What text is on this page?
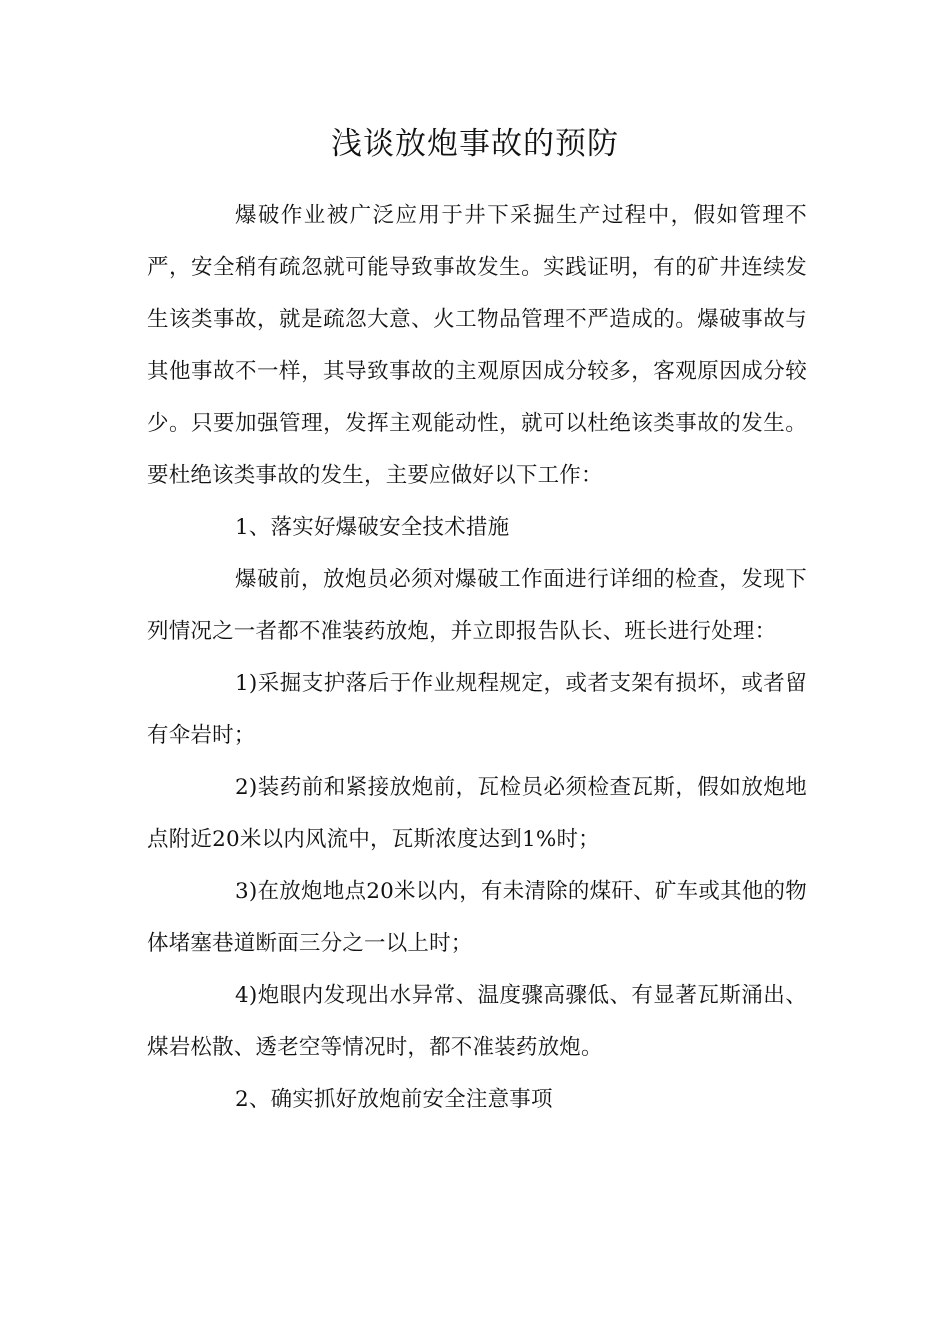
浅谈放炮事故的预防

爆破作业被广泛应用于井下采掘生产过程中，假如管理不严，安全稍有疏忽就可能导致事故发生。实践证明，有的矿井连续发生该类事故，就是疏忽大意、火工物品管理不严造成的。爆破事故与其他事故不一样，其导致事故的主观原因成分较多，客观原因成分较少。只要加强管理，发挥主观能动性，就可以杜绝该类事故的发生。要杜绝该类事故的发生，主要应做好以下工作：

1、落实好爆破安全技术措施

爆破前，放炮员必须对爆破工作面进行详细的检查，发现下列情况之一者都不准装药放炮，并立即报告队长、班长进行处理：

1)采掘支护落后于作业规程规定，或者支架有损坏，或者留有伞岩时；

2)装药前和紧接放炮前，瓦检员必须检查瓦斯，假如放炮地点附近20米以内风流中，瓦斯浓度达到1%时；

3)在放炮地点20米以内，有未清除的煤矸、矿车或其他的物体堵塞巷道断面三分之一以上时；

4)炮眼内发现出水异常、温度骤高骤低、有显著瓦斯涌出、煤岩松散、透老空等情况时，都不准装药放炮。

2、确实抓好放炮前安全注意事项
